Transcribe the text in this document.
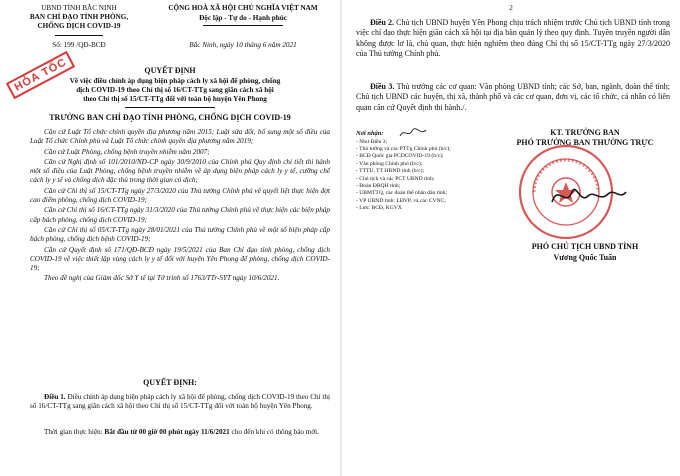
UBND TỈNH BẮC NINH
BAN CHỈ ĐẠO TỈNH PHÒNG,
CHỐNG DỊCH COVID-19
Số: 199 /QĐ-BCĐ
CỘNG HOÀ XÃ HỘI CHỦ NGHĨA VIỆT NAM
Độc lập - Tự do - Hạnh phúc
Bắc Ninh, ngày 10 tháng 6 năm 2021
HỎA TỐC	QUYẾT ĐỊNH
Về việc điều chỉnh áp dụng biện pháp cách ly xã hội để phòng, chống
dịch COVID-19 theo Chỉ thị số 16/CT-TTg sang giãn cách xã hội
theo Chỉ thị số 15/CT-TTg đối với toàn bộ huyện Yên Phong
TRƯỞNG BAN CHỈ ĐẠO TỈNH PHÒNG, CHỐNG DỊCH COVID-19

Căn cứ Luật Tổ chức chính quyền địa phương năm 2015; Luật sửa đổi, bổ sung một số điều của Luật Tổ chức Chính phủ và Luật Tổ chức chính quyền địa phương năm 2019;

Căn cứ Luật Phòng, chống bệnh truyền nhiễm năm 2007;

Căn cứ Nghị định số 101/2010/NĐ-CP ngày 30/9/2010 của Chính phủ Quy định chi tiết thi hành một số điều của Luật Phòng, chống bệnh truyền nhiễm về áp dụng biện pháp cách ly y tế, cưỡng chế cách ly y tế và chống dịch đặc thù trong thời gian có dịch;

Căn cứ Chỉ thị số 15/CT-TTg ngày 27/3/2020 của Thủ tướng Chính phủ về quyết liệt thực hiện đợt cao điểm phòng, chống dịch COVID-19;

Căn cứ Chỉ thị số 16/CT-TTg ngày 31/3/2020 của Thủ tướng Chính phủ về thực hiện các biện pháp cấp bách phòng, chống dịch COVID-19;

Căn cứ Chỉ thị số 05/CT-TTg ngày 28/01/2021 của Thủ tướng Chính phủ về một số biện pháp cấp bách phòng, chống dịch bệnh COVID-19;

Căn cứ Quyết định số 171/QĐ-BCĐ ngày 19/5/2021 của Ban Chỉ đạo tỉnh phòng, chống dịch COVID-19 về việc thiết lập vùng cách ly y tế đối với huyện Yên Phong để phòng, chống dịch COVID-19;

Theo đề nghị của Giám đốc Sở Y tế tại Tờ trình số 1763/TTr-SYT ngày 10/6/2021.

QUYẾT ĐỊNH:
Điều 1. Điều chỉnh áp dụng biện pháp cách ly xã hội để phòng, chống dịch COVID-19 theo Chỉ thị số 16/CT-TTg sang giãn cách xã hội theo Chỉ thị số 15/CT-TTg đối với toàn bộ huyện Yên Phong.
Thời gian thực hiện: Bắt đầu từ 00 giờ 00 phút ngày 11/6/2021 cho đến khi có thông báo mới.
2
Điều 2. Chủ tịch UBND huyện Yên Phong chịu trách nhiệm trước Chủ tịch UBND tỉnh trong việc chỉ đạo thực hiện giãn cách xã hội tại địa bàn quản lý theo quy định. Tuyên truyền người dân không được lơ là, chủ quan, thực hiện nghiêm theo đúng Chỉ thị số 15/CT-TTg ngày 27/3/2020 của Thủ tướng Chính phủ.
Điều 3. Thủ trưởng các cơ quan: Văn phòng UBND tỉnh; các Sở, ban, ngành, đoàn thể tỉnh; Chủ tịch UBND các huyện, thị xã, thành phố và các cơ quan, đơn vị, các tổ chức, cá nhân có liên quan căn cứ Quyết định thi hành./.
Nơi nhận:
- Như Điều 3;
- Thủ tướng và các PTTg Chính phủ (b/c);
- BCĐ Quốc gia PCDCOVID-19 (b/c);
- Văn phòng Chính phủ (b/c);
- TTTU, TT HĐND tỉnh (b/c);
- Chủ tịch và các PCT UBND tỉnh;
- Đoàn ĐBQH tỉnh;
- UBMTTQ, các đoàn thể nhân dân tỉnh;
- VP UBND tỉnh: LĐVP, và các CVNC;
- Lưu: BCĐ, KGVX
KT. TRƯỞNG BAN
PHÓ TRƯỞNG BAN THƯỜNG TRỰC
PHÓ CHỦ TỊCH UBND TỈNH
Vương Quốc Tuấn
